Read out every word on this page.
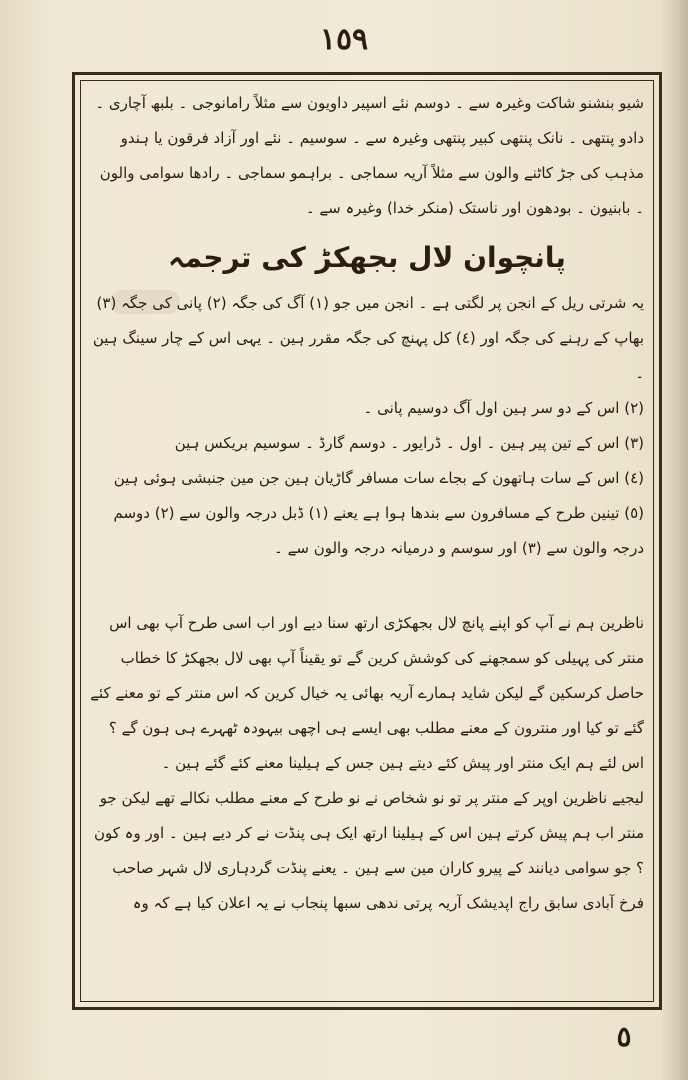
١٥٩

شیو بنشنو شاکت وغیرہ سے ۔ دوسم نئے اسپیر داویون سے مثلاً رامانوجی ۔ بلبھ آچاری ۔ دادو پنتھی ۔ نانک پنتھی کبیر پنتھی وغیرہ سے ۔ سوسیم ۔ نئے اور آزاد فرقون یا ہندو مذہب کی جڑ کاٹنے والون سے مثلاً آریہ سماجی ۔ براہمو سماجی ۔ رادھا سوامی والون ۔ بابنیون ۔ بودھون اور ناستک (منکر خدا) وغیرہ سے ۔

پانچوان لال بجھکڑ کی ترجمہ

یہ شرتی ریل کے انجن پر لگتی ہے ۔ انجن میں جو (١) آگ کی جگہ (٢) پانی کی جگہ (٣) بھاپ کے رہنے کی جگہ اور (٤) کل پہنچ کی جگہ مقرر ہین ۔ یہی اس کے چار سینگ ہین ۔

(٢) اس کے دو سر ہین اول آگ دوسیم پانی ۔

(٣) اس کے تین پیر ہین ۔ اول ۔ ڈرایور ۔ دوسم گارڈ ۔ سوسیم بریکس ہین

(٤) اس کے سات ہاتھون کے بجاے سات مسافر گاڑیان ہین جن مین جنبشی ہوئی ہین

(٥) تینین طرح کے مسافرون سے بندھا ہوا ہے یعنے (١) ڈبل درجہ والون سے (٢) دوسم درجہ والون سے (٣) اور سوسم و درمیانہ درجہ والون سے ۔

ناظرین ہم نے آپ کو اپنے پانچ لال بجھکڑی ارتھ سنا دیے اور اب اسی طرح آپ بھی اس منتر کی پہیلی کو سمجھنے کی کوشش کرین گے تو یقیناً آپ بھی لال بجھکڑ کا خطاب حاصل کرسکین گے لیکن شاید ہمارے آریہ بھائی یہ خیال کرین کہ اس منتر کے تو معنے کئے گئے تو کیا اور منترون کے معنے مطلب بھی ایسے ہی اچھی بیہودہ ٹھہرے ہی ہون گے ؟ اس لئے ہم ایک منتر اور پیش کئے دیتے ہین جس کے ہیلینا معنے کئے گئے ہین ۔

لیجیے ناظرین اوپر کے منتر پر تو نو شخاص نے نو طرح کے معنے مطلب نکالے تھے لیکن جو منتر اب ہم پیش کرتے ہین اس کے ہیلینا ارتھ ایک ہی پنڈت نے کر دیے ہین ۔ اور وہ کون ؟ جو سوامی دیانند کے پیرو کاران مین سے ہین ۔ یعنے پنڈت گردہاری لال شہر صاحب فرخ آبادی سابق راج اپدیشک آریہ پرتی ندھی سبھا پنجاب نے یہ اعلان کیا ہے کہ وہ

٥
